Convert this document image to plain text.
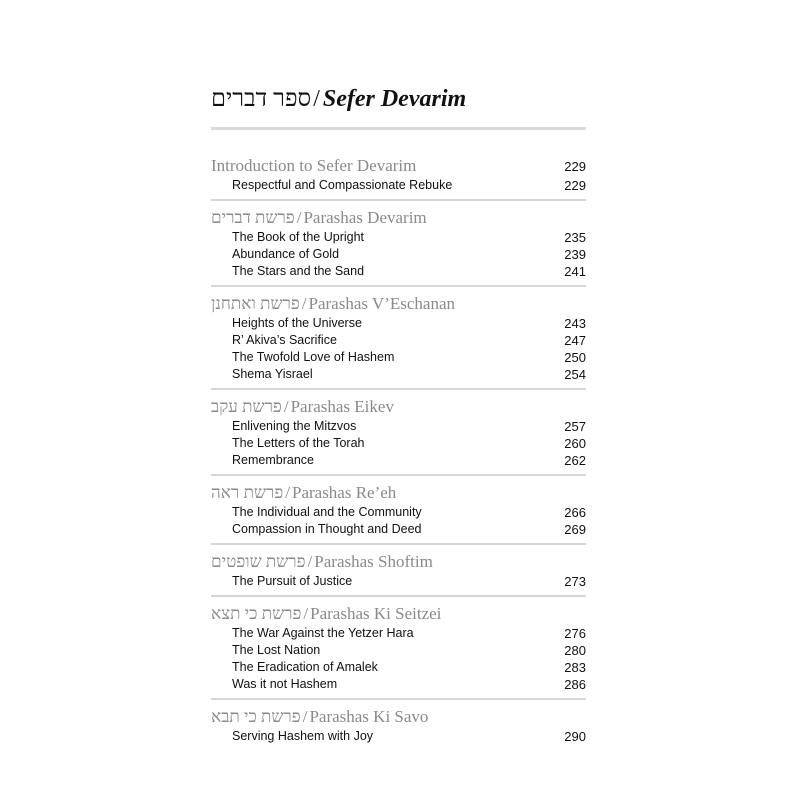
ספר דברים/ Sefer Devarim
Introduction to Sefer Devarim	229
Respectful and Compassionate Rebuke	229
פרשת דברים / Parashas Devarim
The Book of the Upright	235
Abundance of Gold	239
The Stars and the Sand	241
פרשת ואתחנן / Parashas V’Eschanan
Heights of the Universe	243
R’ Akiva’s Sacrifice	247
The Twofold Love of Hashem	250
Shema Yisrael	254
פרשת עקב / Parashas Eikev
Enlivening the Mitzvos	257
The Letters of the Torah	260
Remembrance	262
פרשת ראה / Parashas Re’eh
The Individual and the Community	266
Compassion in Thought and Deed	269
פרשת שופטים / Parashas Shoftim
The Pursuit of Justice	273
פרשת כי תצא / Parashas Ki Seitzei
The War Against the Yetzer Hara	276
The Lost Nation	280
The Eradication of Amalek	283
Was it not Hashem	286
פרשת כי תבא / Parashas Ki Savo
Serving Hashem with Joy	290
